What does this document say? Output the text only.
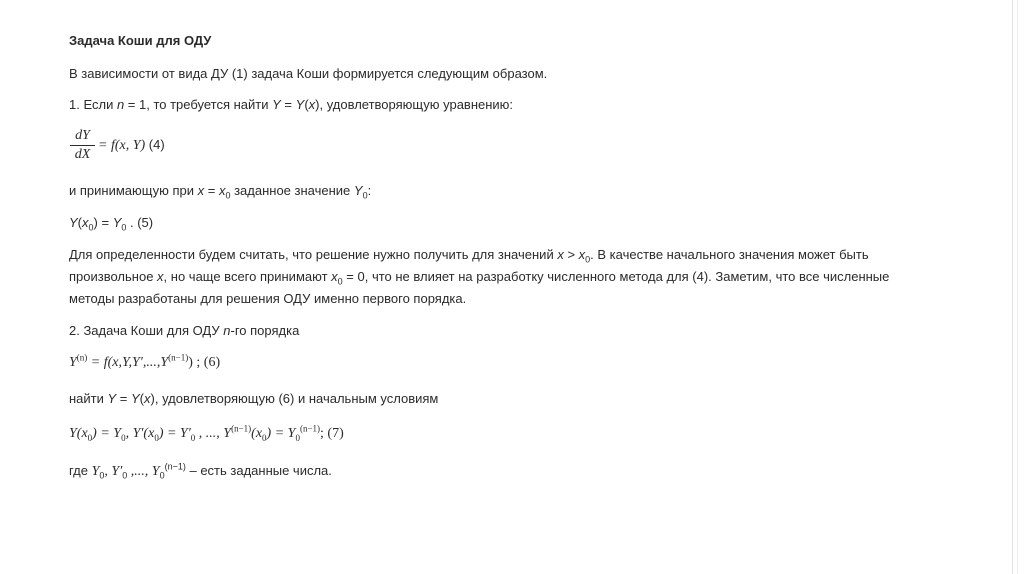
Задача Коши для ОДУ
В зависимости от вида ДУ (1) задача Коши формируется следующим образом.
1. Если n = 1, то требуется найти Y = Y(x), удовлетворяющую уравнению:
dY
dX
= f(x, Y) (4)
и принимающую при $x = x_0$ заданное значение $Y_0$:
$Y(x_0) = Y_0$ . (5)
Для определенности будем считать, что решение нужно получить для значений $x > x_0$. В качестве начального значения может быть
произвольное x, но чаще всего принимают $x_0 = 0$, что не влияет на разработку численного метода для (4). Заметим, что все численные
методы разработаны для решения ОДУ именно первого порядка.
2. Задача Коши для ОДУ n-го порядка
$Y^{(n)} = f(x,Y,Y',...,Y^{(n-1)})$ ; (6)
найти Y = Y(x), удовлетворяющую (6) и начальным условиям
$Y(x_0) = Y_0$, $Y'(x_0) = Y'_0$ , ..., $Y^{(n-1)}(x_0) = Y_0^{(n-1)}$; (7)
где $Y_0$, $Y'_0$ ,..., $Y_0^{(n-1)}$ – есть заданные числа.
